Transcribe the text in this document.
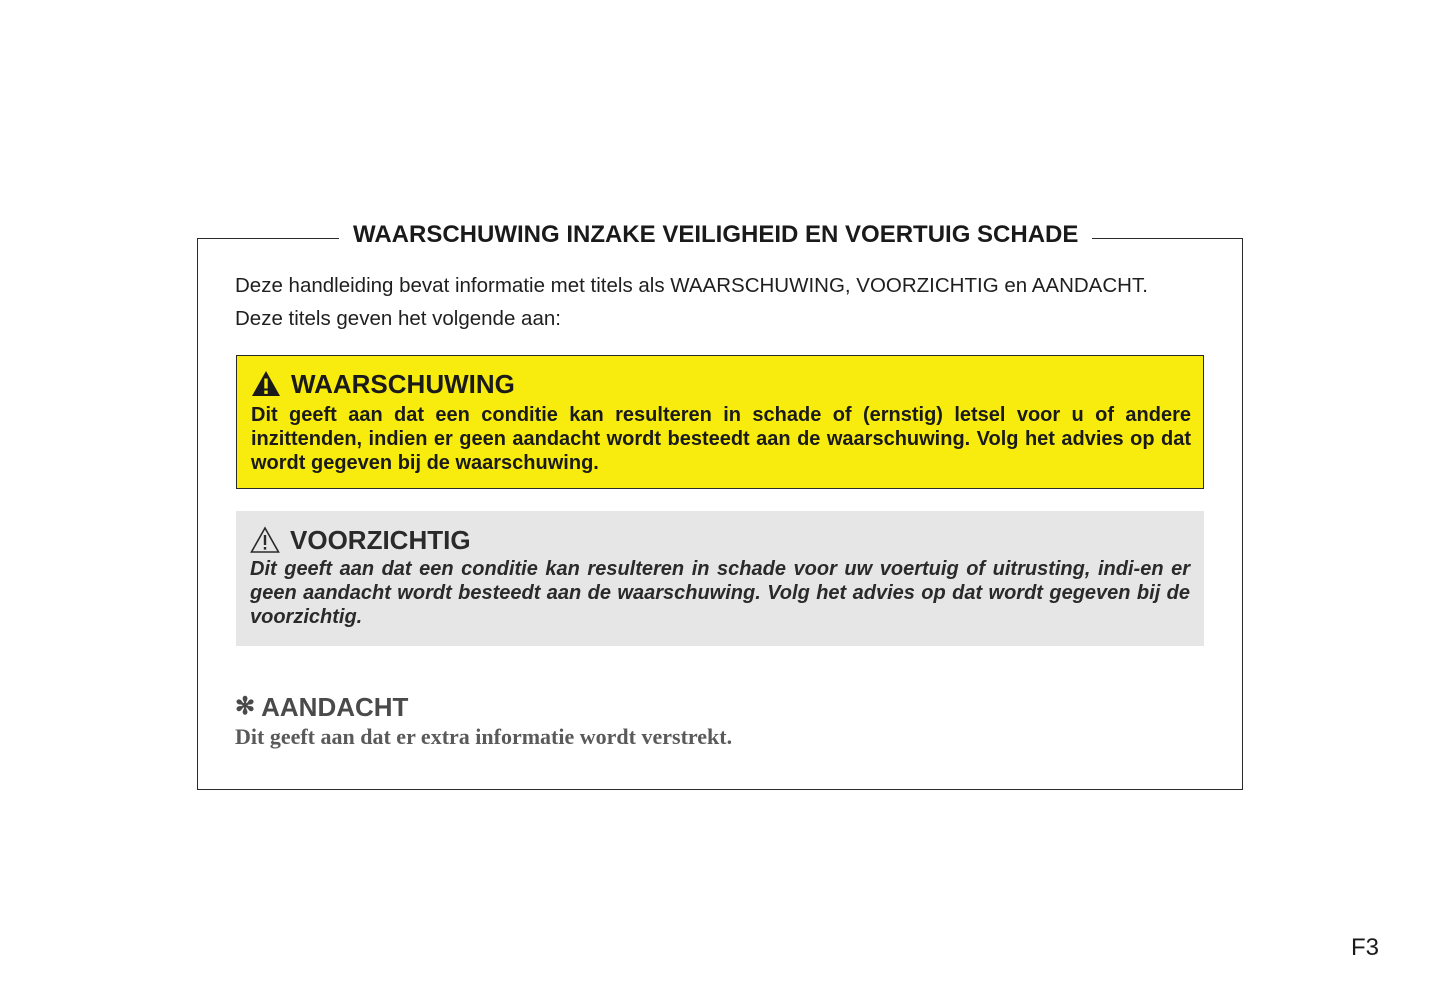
WAARSCHUWING INZAKE VEILIGHEID EN VOERTUIG SCHADE
Deze handleiding bevat informatie met titels als WAARSCHUWING, VOORZICHTIG en AANDACHT.
Deze titels geven het volgende aan:
WAARSCHUWING
Dit geeft aan dat een conditie kan resulteren in schade of (ernstig) letsel voor u of andere inzittenden, indien er geen aandacht wordt besteedt aan de waarschuwing. Volg het advies op dat wordt gegeven bij de waarschuwing.
VOORZICHTIG
Dit geeft aan dat een conditie kan resulteren in schade voor uw voertuig of uitrusting, indi-en er geen aandacht wordt besteedt aan de waarschuwing. Volg het advies op dat wordt gegeven bij de voorzichtig.
✻ AANDACHT
Dit geeft aan dat er extra informatie wordt verstrekt.
F3
